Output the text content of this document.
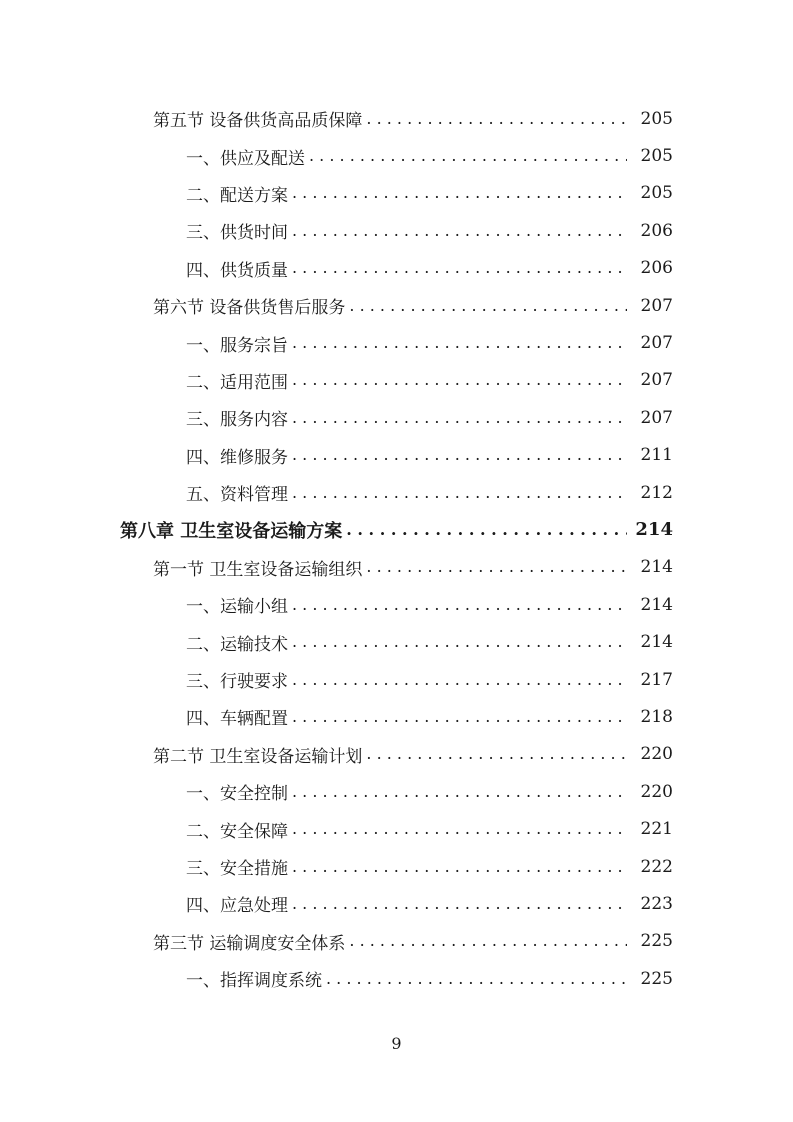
第五节 设备供货高品质保障 . . .	205
一、供应及配送 . . .	205
二、配送方案 . . .	205
三、供货时间 . . .	206
四、供货质量 . . .	206
第六节 设备供货售后服务 . . .	207
一、服务宗旨 . . .	207
二、适用范围 . . .	207
三、服务内容 . . .	207
四、维修服务 . . .	211
五、资料管理 . . .	212
第八章 卫生室设备运输方案 . . .	214
第一节 卫生室设备运输组织 . . .	214
一、运输小组 . . .	214
二、运输技术 . . .	214
三、行驶要求 . . .	217
四、车辆配置 . . .	218
第二节 卫生室设备运输计划 . . .	220
一、安全控制 . . .	220
二、安全保障 . . .	221
三、安全措施 . . .	222
四、应急处理 . . .	223
第三节 运输调度安全体系 . . .	225
一、指挥调度系统 . . .	225
9
